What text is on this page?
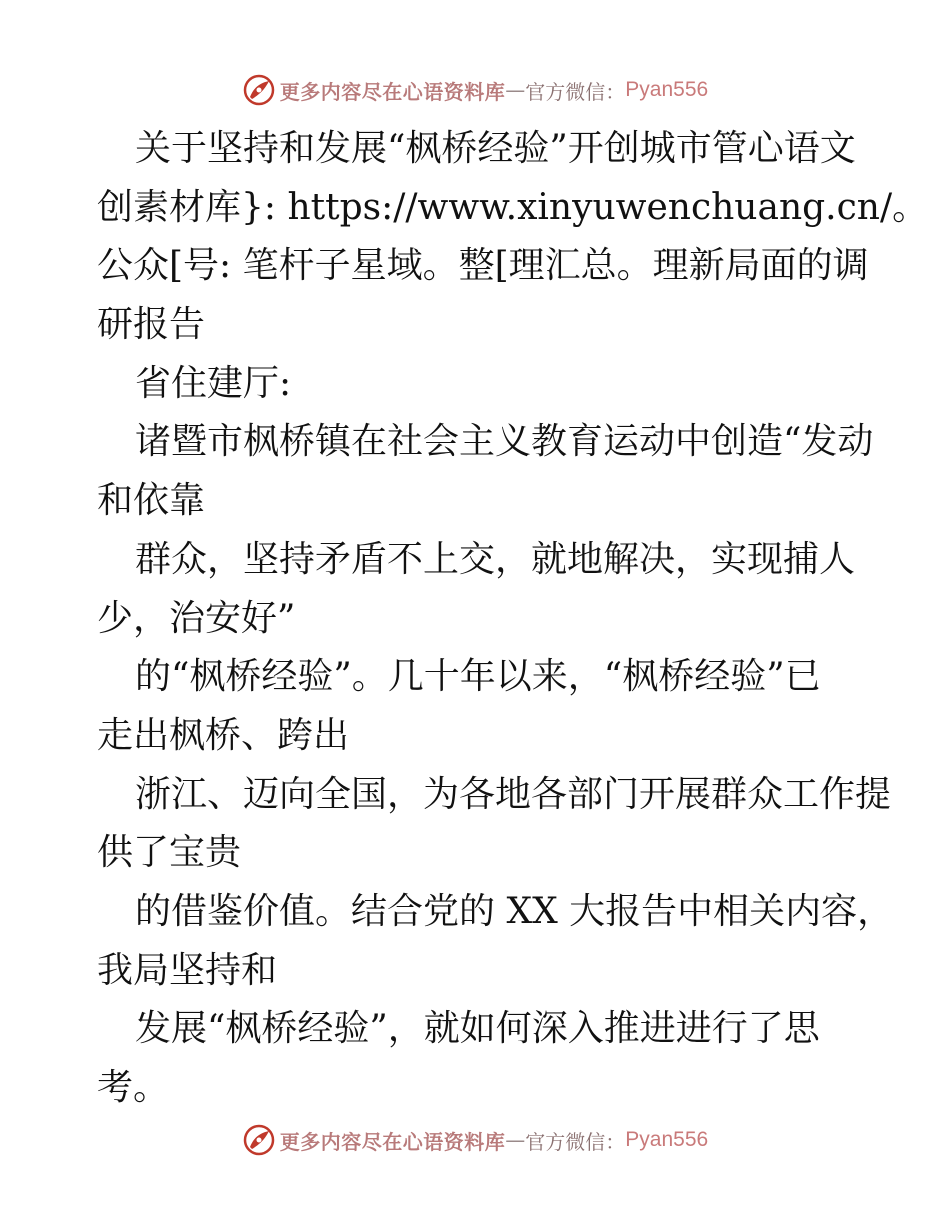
更多内容尽在心语资料库 — 官方微信： Pyan556
关于坚持和发展“枫桥经验”开创城市管心语文
创素材库}: https://www.xinyuwenchuang.cn/。
公众[号: 笔杆子星域。整[理汇总。理新局面的调
研报告
省住建厅:
诸暨市枫桥镇在社会主义教育运动中创造“发动
和依靠
群众，坚持矛盾不上交，就地解决，实现捕人
少，治安好”
的“枫桥经验”。几十年以来，“枫桥经验”已
走出枫桥、跨出
浙江、迈向全国，为各地各部门开展群众工作提
供了宝贵
的借鉴价值。结合党的 XX 大报告中相关内容，
我局坚持和
发展“枫桥经验”，就如何深入推进进行了思
考。
更多内容尽在心语资料库 — 官方微信： Pyan556
